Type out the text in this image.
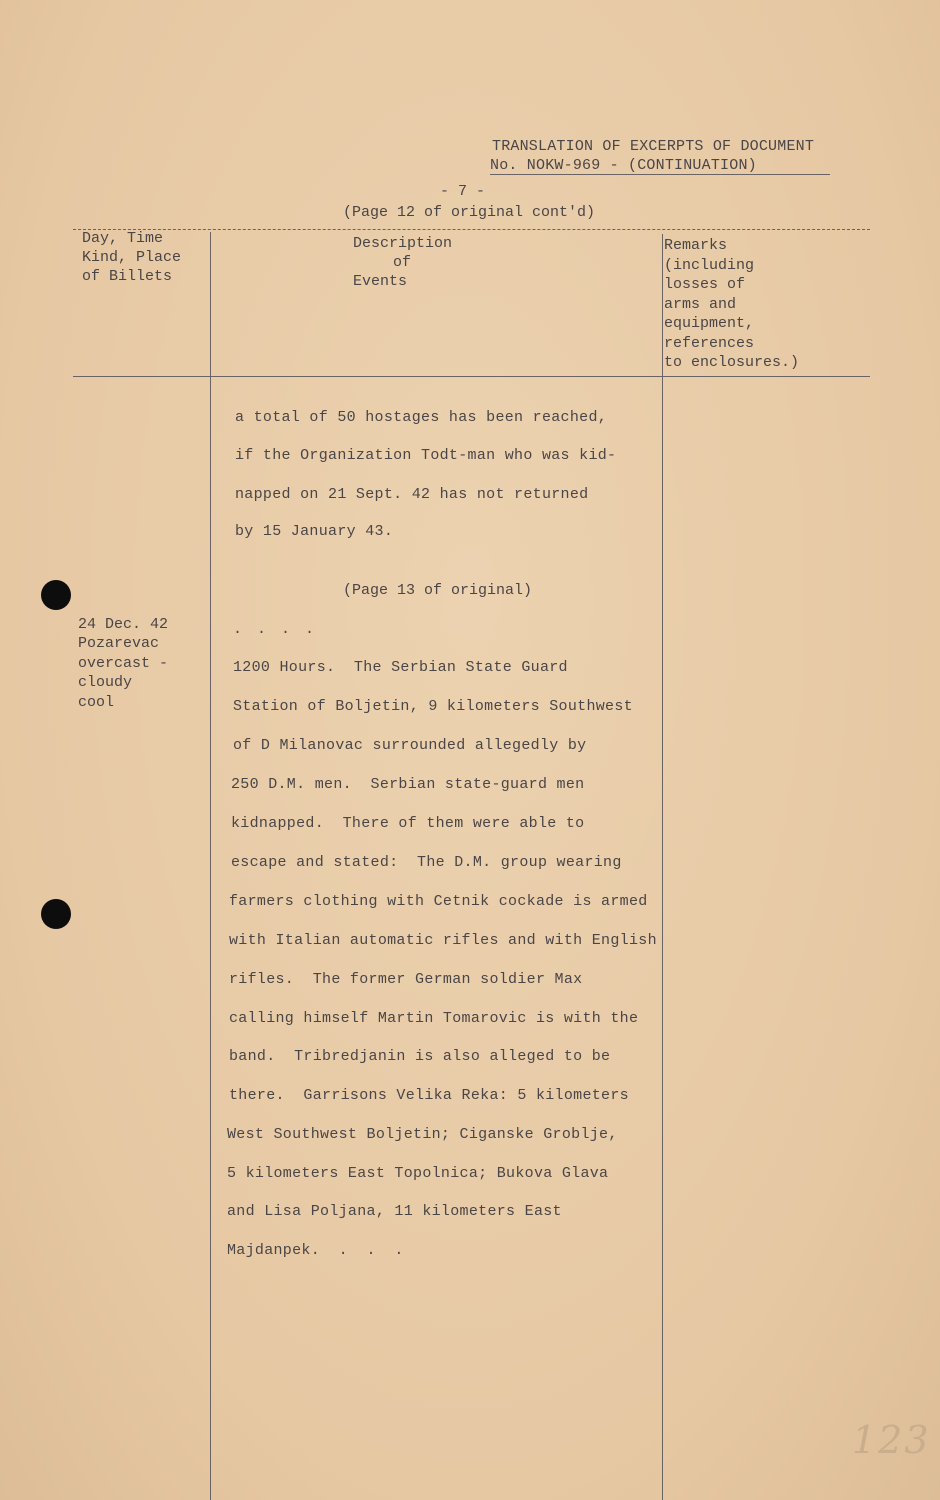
TRANSLATION OF EXCERPTS OF DOCUMENT
No. NOKW-969 - (CONTINUATION)
- 7 -
(Page 12 of original cont'd)
Day, Time
Kind, Place
of Billets
Description
of
Events
Remarks
(including
losses of
arms and
equipment,
references
to enclosures.)
a total of 50 hostages has been reached,
if the Organization Todt-man who was kid-
napped on 21 Sept. 42 has not returned
by 15 January 43.
(Page 13 of original)
24 Dec. 42
Pozarevac
overcast -
cloudy
cool
. . . .
1200 Hours.  The Serbian State Guard
Station of Boljetin, 9 kilometers Southwest
of D Milanovac surrounded allegedly by
250 D.M. men.  Serbian state-guard men
kidnapped.  There of them were able to
escape and stated:  The D.M. group wearing
farmers clothing with Cetnik cockade is armed
with Italian automatic rifles and with English
rifles.  The former German soldier Max
calling himself Martin Tomarovic is with the
band.  Tribredjanin is also alleged to be
there.  Garrisons Velika Reka: 5 kilometers
West Southwest Boljetin; Ciganske Groblje,
5 kilometers East Topolnica; Bukova Glava
and Lisa Poljana, 11 kilometers East
Majdanpek.  .  .  .
123
